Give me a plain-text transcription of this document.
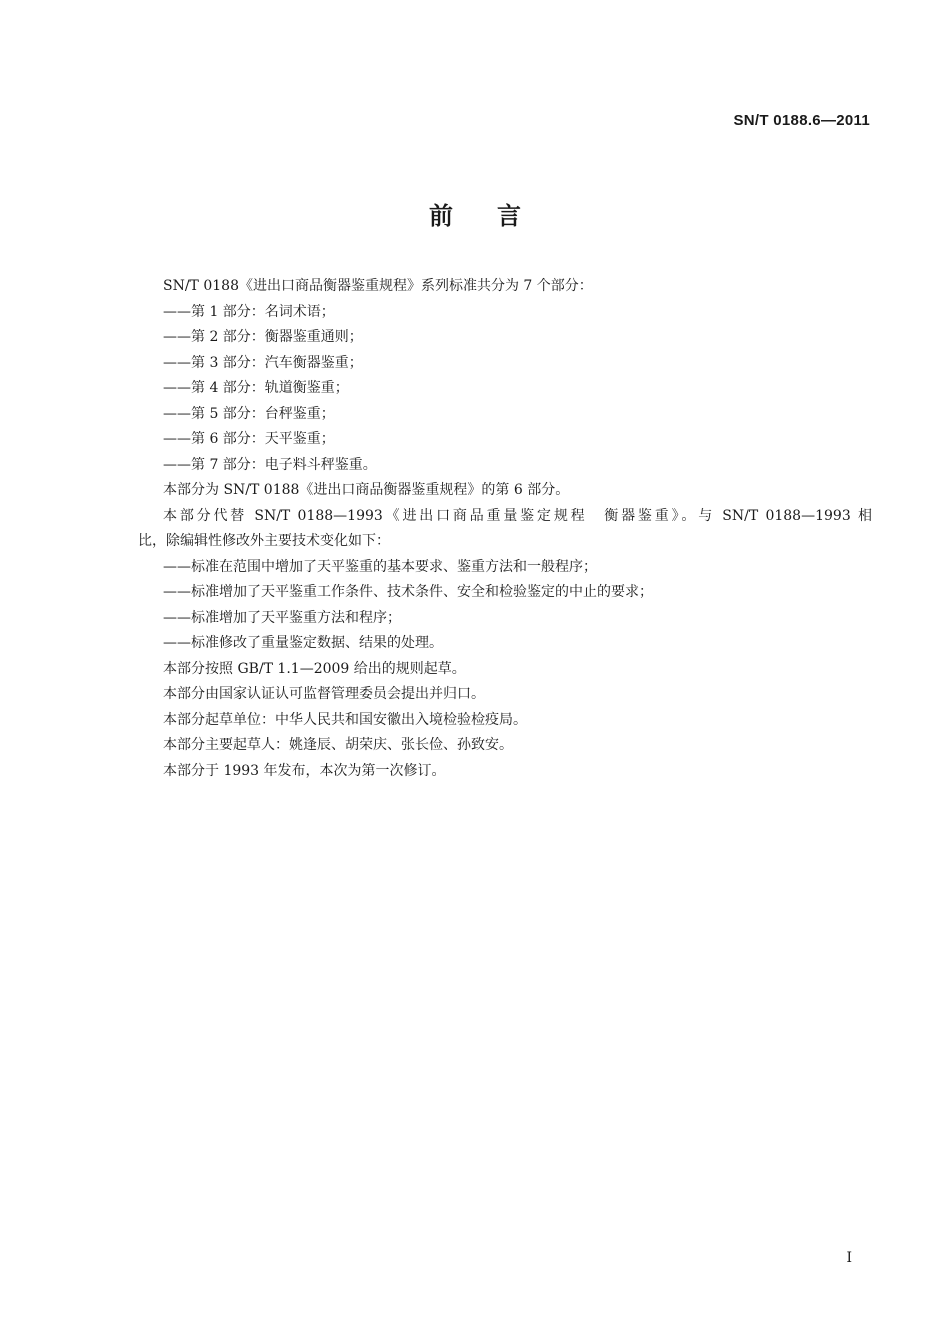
SN/T 0188.6—2011
前言
SN/T 0188《进出口商品衡器鉴重规程》系列标准共分为 7 个部分：
——第 1 部分：名词术语；
——第 2 部分：衡器鉴重通则；
——第 3 部分：汽车衡器鉴重；
——第 4 部分：轨道衡鉴重；
——第 5 部分：台秤鉴重；
——第 6 部分：天平鉴重；
——第 7 部分：电子料斗秤鉴重。
本部分为 SN/T 0188《进出口商品衡器鉴重规程》的第 6 部分。
本部分代替 SN/T 0188—1993《进出口商品重量鉴定规程　衡器鉴重》。与 SN/T 0188—1993 相
比，除编辑性修改外主要技术变化如下：
——标准在范围中增加了天平鉴重的基本要求、鉴重方法和一般程序；
——标准增加了天平鉴重工作条件、技术条件、安全和检验鉴定的中止的要求；
——标准增加了天平鉴重方法和程序；
——标准修改了重量鉴定数据、结果的处理。
本部分按照 GB/T 1.1—2009 给出的规则起草。
本部分由国家认证认可监督管理委员会提出并归口。
本部分起草单位：中华人民共和国安徽出入境检验检疫局。
本部分主要起草人：姚逢辰、胡荣庆、张长俭、孙致安。
本部分于 1993 年发布，本次为第一次修订。
I
